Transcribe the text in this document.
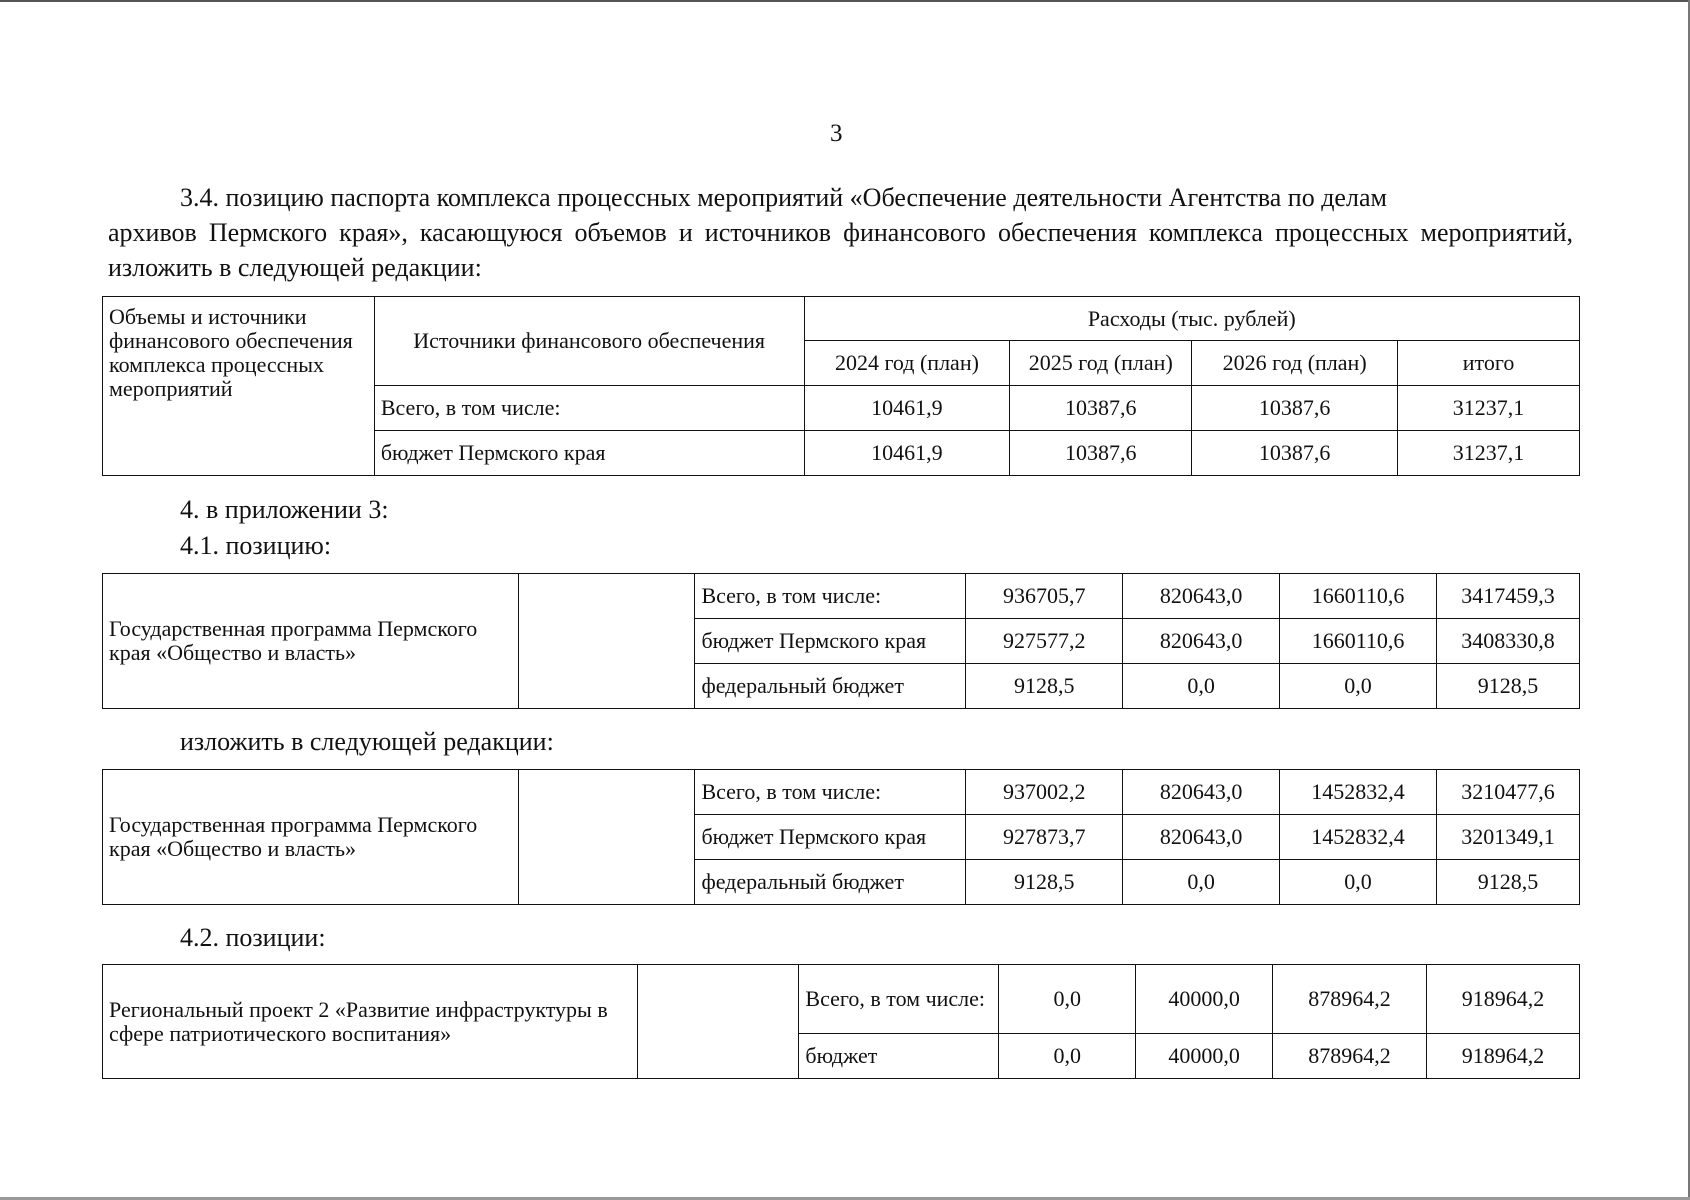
3
3.4. позицию паспорта комплекса процессных мероприятий «Обеспечение деятельности Агентства по делам
архивов Пермского края», касающуюся объемов и источников финансового обеспечения комплекса процессных мероприятий, изложить в следующей редакции:
Объемы и источники финансового обеспечения комплекса процессных мероприятий	Источники финансового обеспечения	Расходы (тыс. рублей)			
		2024 год (план)	2025 год (план)	2026 год (план)	итого
	Всего, в том числе:	10461,9	10387,6	10387,6	31237,1
	бюджет Пермского края	10461,9	10387,6	10387,6	31237,1
4. в приложении 3:
4.1. позицию:
Государственная программа Пермского края «Общество и власть»		Всего, в том числе:	936705,7	820643,0	1660110,6	3417459,3
		бюджет Пермского края	927577,2	820643,0	1660110,6	3408330,8
		федеральный бюджет	9128,5	0,0	0,0	9128,5
изложить в следующей редакции:
Государственная программа Пермского края «Общество и власть»		Всего, в том числе:	937002,2	820643,0	1452832,4	3210477,6
		бюджет Пермского края	927873,7	820643,0	1452832,4	3201349,1
		федеральный бюджет	9128,5	0,0	0,0	9128,5
4.2. позиции:
Региональный проект 2 «Развитие инфраструктуры в сфере патриотического воспитания»		Всего, в том числе:	0,0	40000,0	878964,2	918964,2
		бюджет	0,0	40000,0	878964,2	918964,2
